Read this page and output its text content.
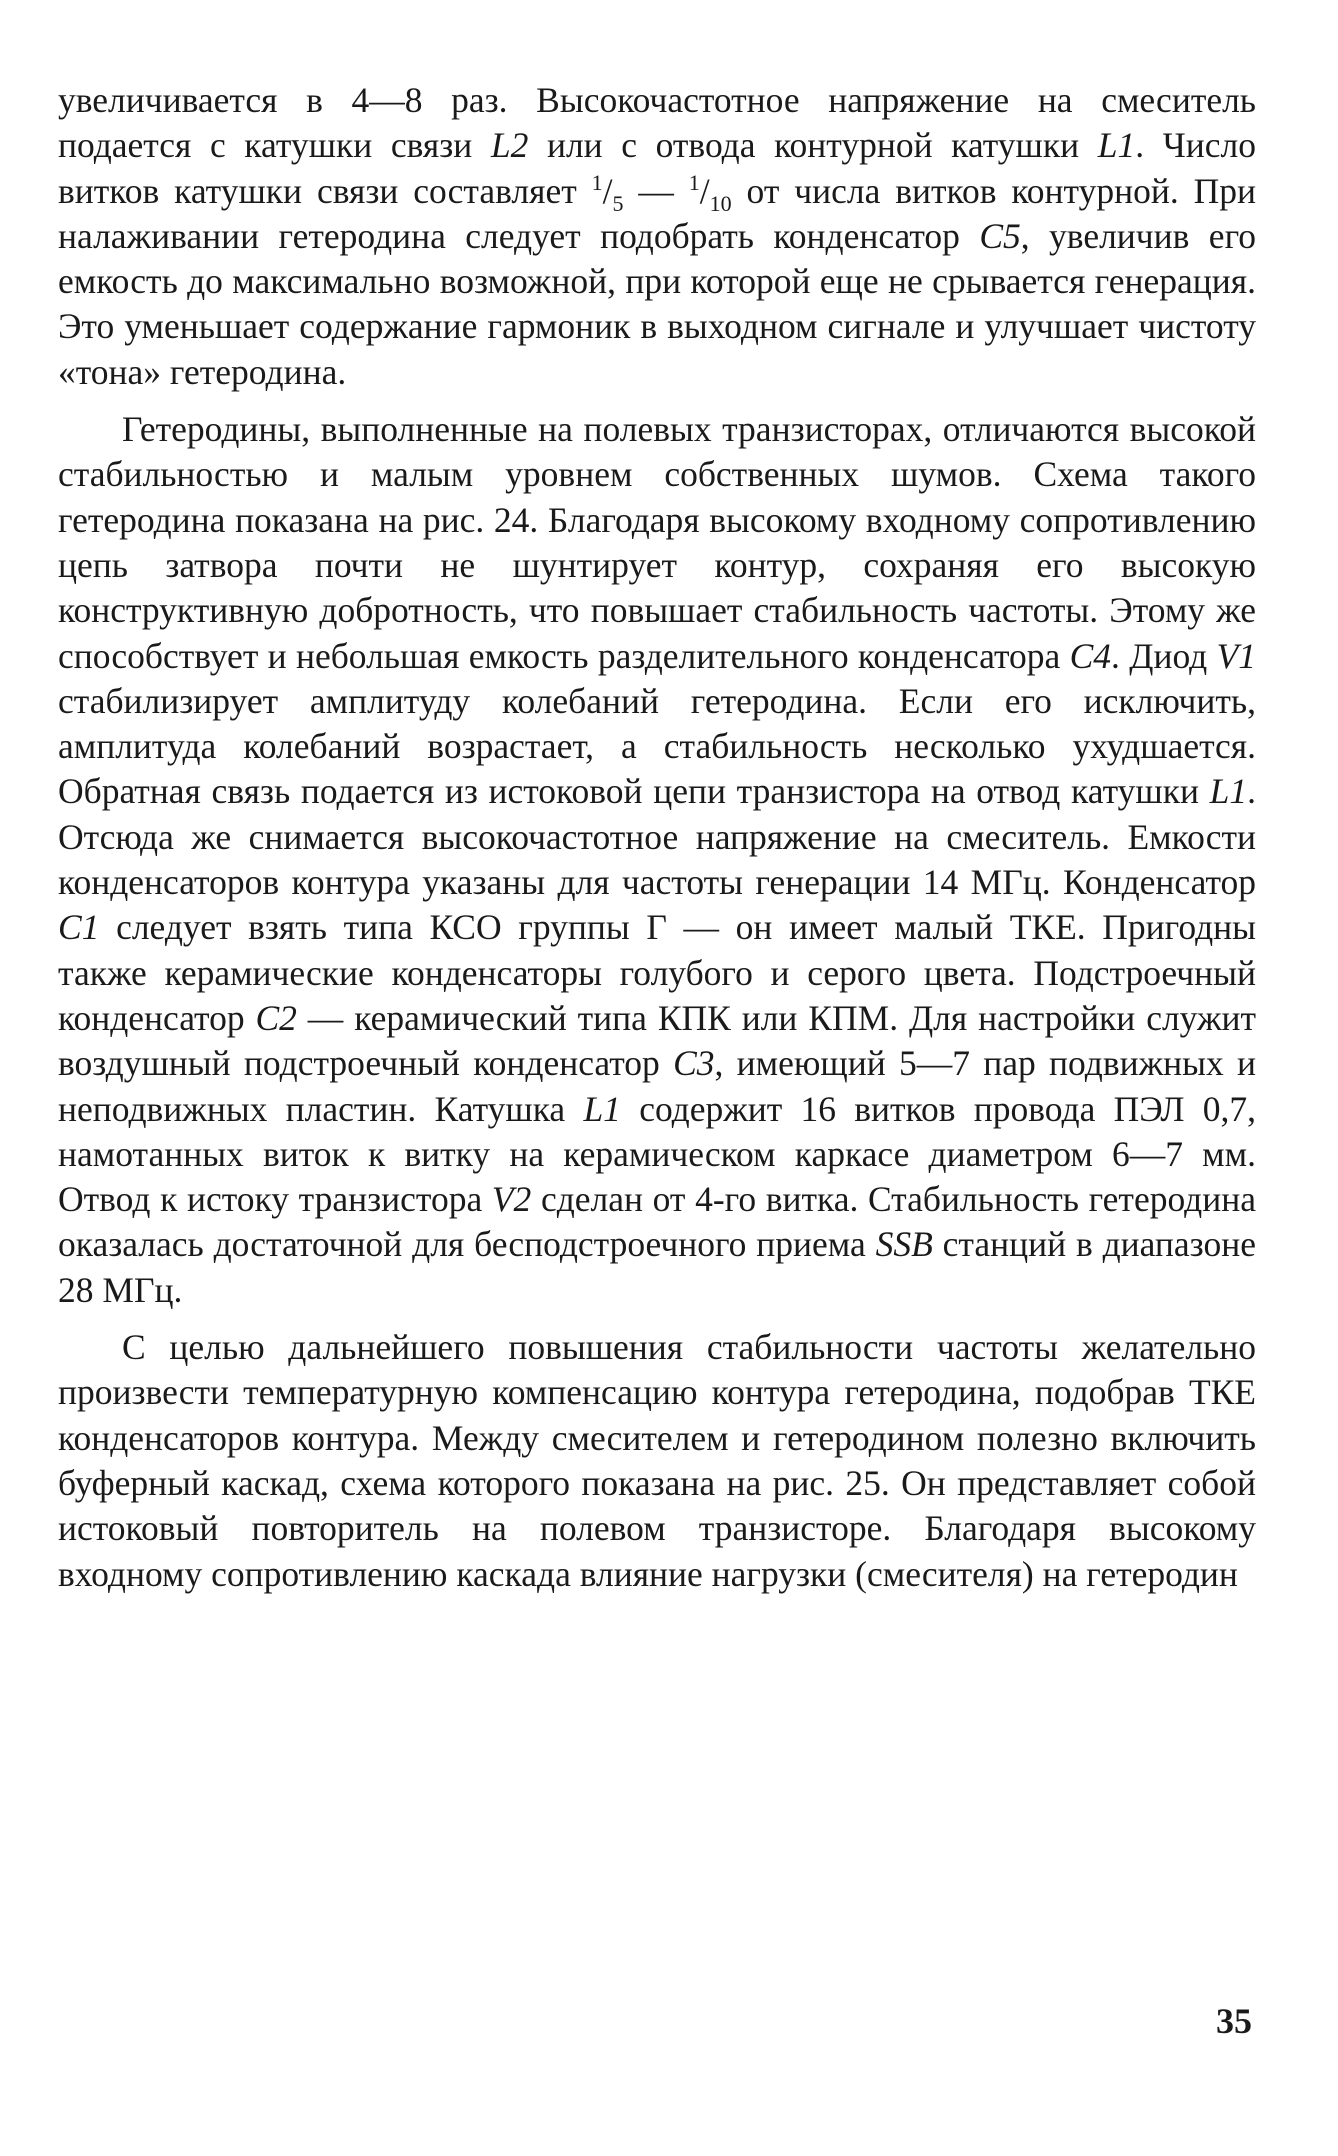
увеличивается в 4—8 раз. Высокочастотное напряжение на смеситель подается с катушки связи L2 или с отвода контурной катушки L1. Число витков катушки связи составляет $^1/_5$ — $^1/_{10}$ от числа витков контурной. При налаживании гетеродина следует подобрать конденсатор C5, увеличив его емкость до максимально возможной, при которой еще не срывается генерация. Это уменьшает содержание гармоник в выходном сигнале и улучшает чистоту «тона» гетеродина.

Гетеродины, выполненные на полевых транзисторах, отличаются высокой стабильностью и малым уровнем собственных шумов. Схема такого гетеродина показана на рис. 24. Благодаря высокому входному сопротивлению цепь затвора почти не шунтирует контур, сохраняя его высокую конструктивную добротность, что повышает стабильность частоты. Этому же способствует и небольшая емкость разделительного конденсатора C4. Диод V1 стабилизирует амплитуду колебаний гетеродина. Если его исключить, амплитуда колебаний возрастает, а стабильность несколько ухудшается. Обратная связь подается из истоковой цепи транзистора на отвод катушки L1. Отсюда же снимается высокочастотное напряжение на смеситель. Емкости конденсаторов контура указаны для частоты генерации 14 МГц. Конденсатор C1 следует взять типа КСО группы Г — он имеет малый ТКЕ. Пригодны также керамические конденсаторы голубого и серого цвета. Подстроечный конденсатор C2 — керамический типа КПК или КПМ. Для настройки служит воздушный подстроечный конденсатор C3, имеющий 5—7 пар подвижных и неподвижных пластин. Катушка L1 содержит 16 витков провода ПЭЛ 0,7, намотанных виток к витку на керамическом каркасе диаметром 6—7 мм. Отвод к истоку транзистора V2 сделан от 4-го витка. Стабильность гетеродина оказалась достаточной для бесподстроечного приема SSB станций в диапазоне 28 МГц.

С целью дальнейшего повышения стабильности частоты желательно произвести температурную компенсацию контура гетеродина, подобрав ТКЕ конденсаторов контура. Между смесителем и гетеродином полезно включить буферный каскад, схема которого показана на рис. 25. Он представляет собой истоковый повторитель на полевом транзисторе. Благодаря высокому входному сопротивлению каскада влияние нагрузки (смесителя) на гетеродин

35
